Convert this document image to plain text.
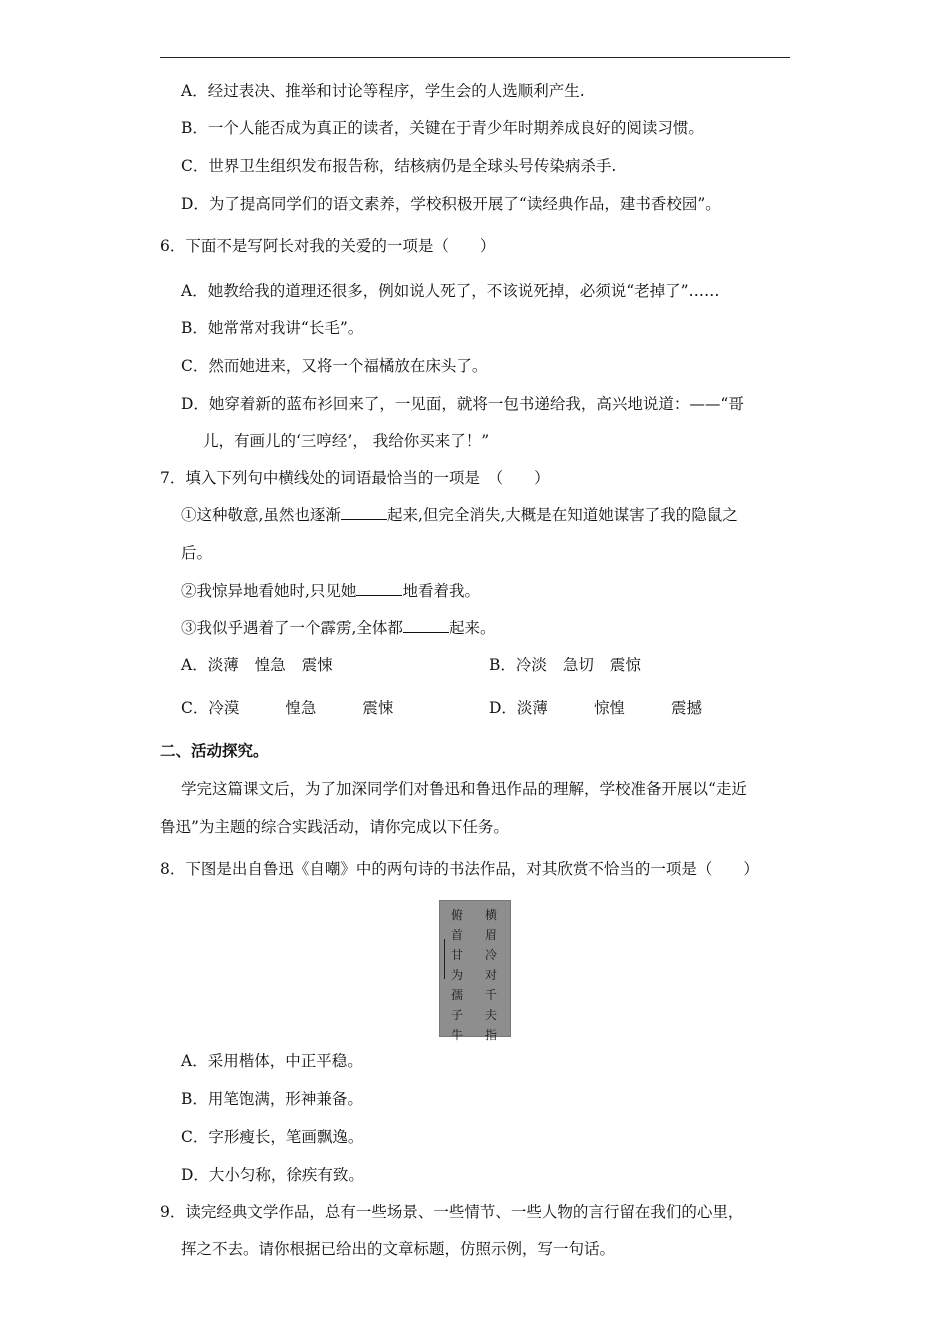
A．经过表决、推举和讨论等程序，学生会的人选顺利产生.
B．一个人能否成为真正的读者，关键在于青少年时期养成良好的阅读习惯。
C．世界卫生组织发布报告称，结核病仍是全球头号传染病杀手.
D．为了提高同学们的语文素养，学校积极开展了“读经典作品，建书香校园”。
6．下面不是写阿长对我的关爱的一项是（　　）
A．她教给我的道理还很多，例如说人死了，不该说死掉，必须说“老掉了”……
B．她常常对我讲“长毛”。
C．然而她进来，又将一个福橘放在床头了。
D．她穿着新的蓝布衫回来了，一见面，就将一包书递给我，高兴地说道：——“哥
儿，有画儿的‘三哼经’， 我给你买来了！”
7．填入下列句中横线处的词语最恰当的一项是　（　　）
①这种敬意,虽然也逐渐	起来,但完全消失,大概是在知道她谋害了我的隐鼠之
后。
②我惊异地看她时,只见她	地看着我。
③我似乎遇着了一个霹雳,全体都	起来。
A．淡薄 惶急 震悚	B．冷淡 急切 震惊
C．冷漠	惶急	震悚	D．淡薄	惊惶	震撼
二、活动探究。
学完这篇课文后，为了加深同学们对鲁迅和鲁迅作品的理解，学校准备开展以“走近
鲁迅”为主题的综合实践活动，请你完成以下任务。
8．下图是出自鲁迅《自嘲》中的两句诗的书法作品，对其欣赏不恰当的一项是（　　）
横眉冷对千夫指
俯首甘为孺子牛
A．采用楷体，中正平稳。
B．用笔饱满，形神兼备。
C．字形瘦长，笔画飘逸。
D．大小匀称，徐疾有致。
9．读完经典文学作品，总有一些场景、一些情节、一些人物的言行留在我们的心里，
挥之不去。请你根据已给出的文章标题，仿照示例，写一句话。
